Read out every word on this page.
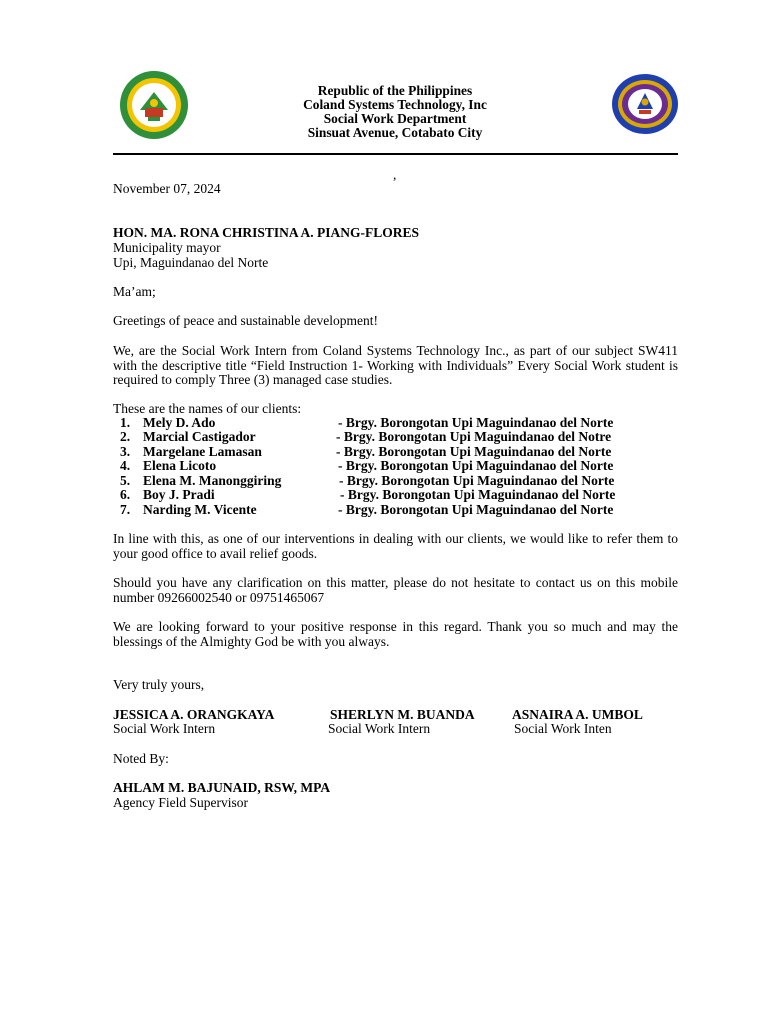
Republic of the Philippines
Coland Systems Technology, Inc
Social Work Department
Sinsuat Avenue, Cotabato City
,
November 07, 2024
HON. MA. RONA CHRISTINA A. PIANG-FLORES
Municipality mayor
Upi, Maguindanao del Norte
Ma’am;
Greetings of peace and sustainable development!
We, are the Social Work Intern from Coland Systems Technology Inc., as part of our subject SW411 with the descriptive title “Field Instruction 1- Working with Individuals” Every Social Work student is required to comply Three (3) managed case studies.
These are the names of our clients:
1. Mely D. Ado	- Brgy. Borongotan Upi Maguindanao del Norte
2. Marcial Castigador	- Brgy. Borongotan Upi Maguindanao del Notre
3. Margelane Lamasan	- Brgy. Borongotan Upi Maguindanao del Norte
4. Elena Licoto	- Brgy. Borongotan Upi Maguindanao del Norte
5. Elena M. Manonggiring	- Brgy. Borongotan Upi Maguindanao del Norte
6. Boy J. Pradi	- Brgy. Borongotan Upi Maguindanao del Norte
7. Narding M. Vicente	- Brgy. Borongotan Upi Maguindanao del Norte
In line with this, as one of our interventions in dealing with our clients, we would like to refer them to your good office to avail relief goods.
Should you have any clarification on this matter, please do not hesitate to contact us on this mobile number 09266002540 or 09751465067
We are looking forward to your positive response in this regard. Thank you so much and may the blessings of the Almighty God be with you always.
Very truly yours,
JESSICA A. ORANGKAYA
Social Work Intern
SHERLYN M. BUANDA
Social Work Intern
ASNAIRA A. UMBOL
Social Work Inten
Noted By:
AHLAM M. BAJUNAID, RSW, MPA
Agency Field Supervisor
